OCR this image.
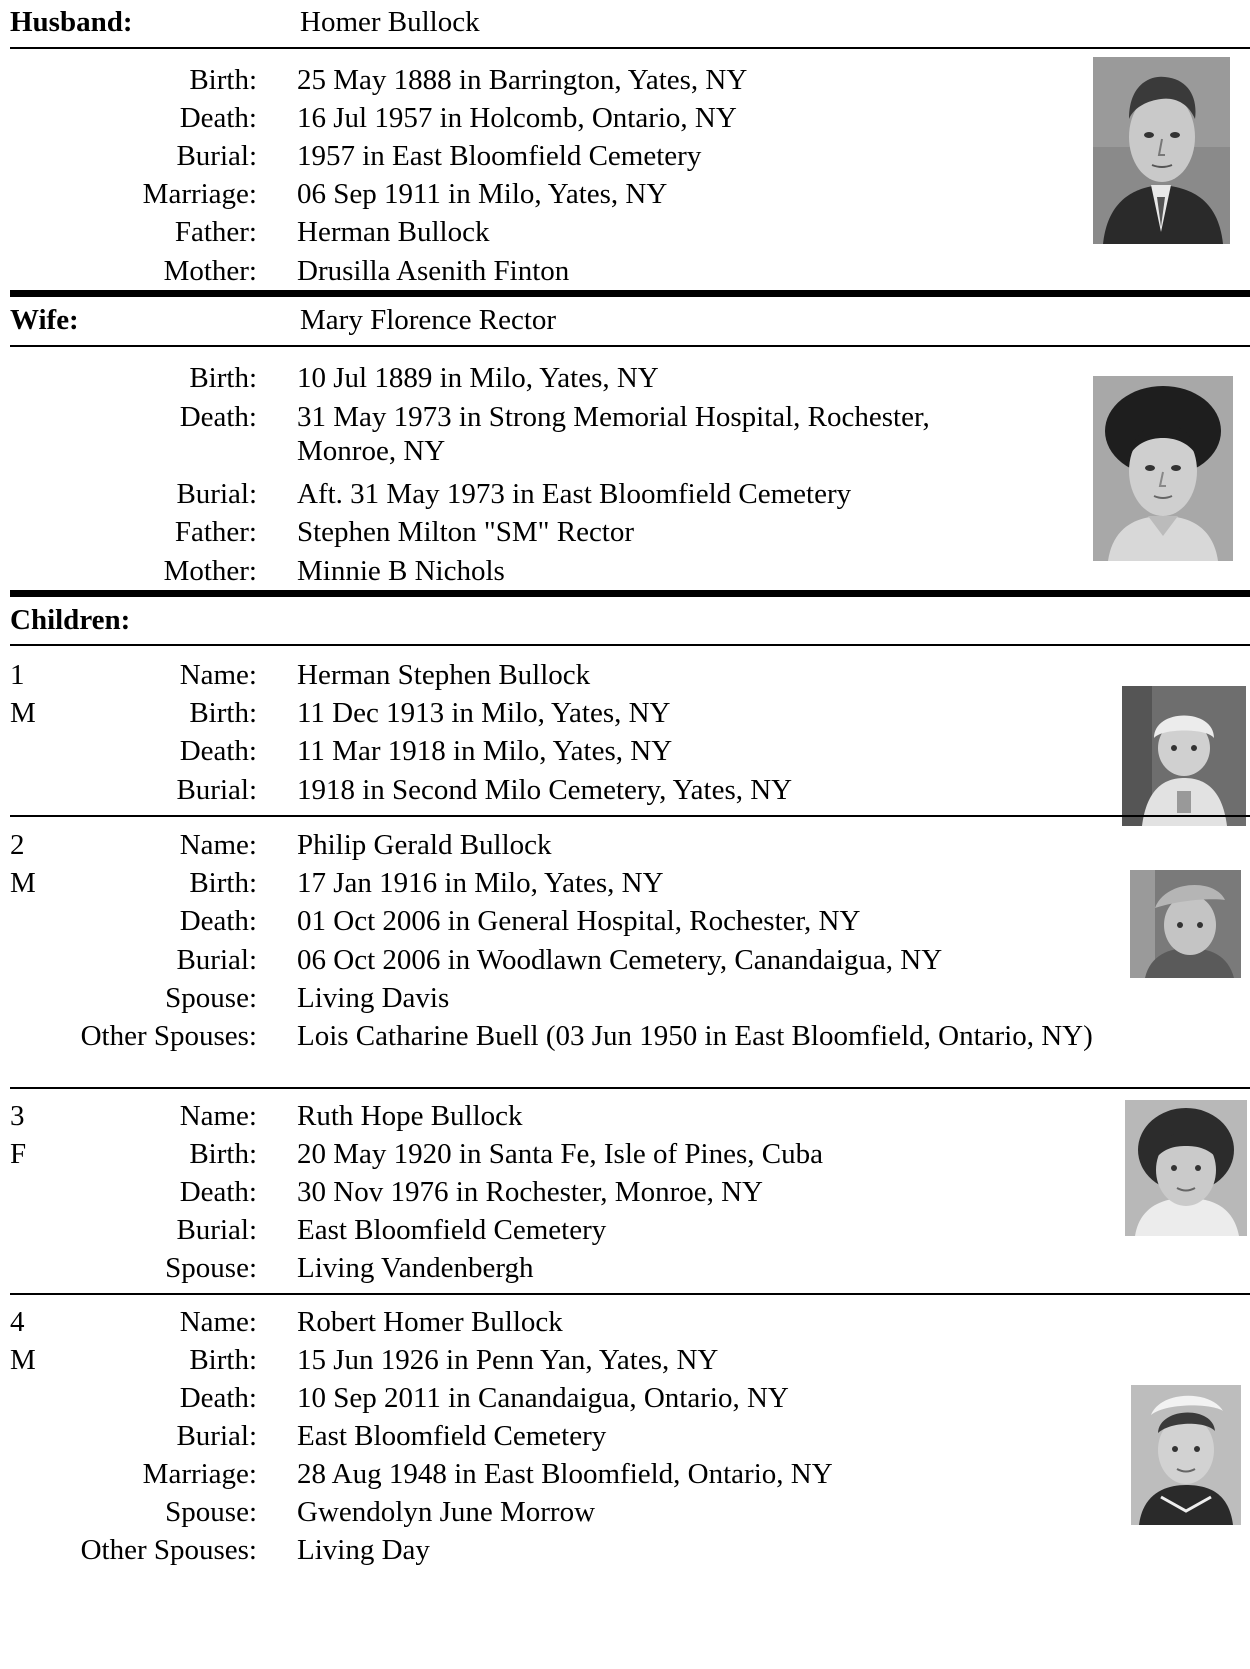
Husband:	Homer Bullock
Birth: 25 May 1888 in Barrington, Yates, NY
Death: 16 Jul 1957 in Holcomb, Ontario, NY
Burial: 1957 in East Bloomfield Cemetery
Marriage: 06 Sep 1911 in Milo, Yates, NY
Father: Herman Bullock
Mother: Drusilla Asenith Finton
Wife:	Mary Florence Rector
Birth: 10 Jul 1889 in Milo, Yates, NY
Death: 31 May 1973 in Strong Memorial Hospital, Rochester, Monroe, NY
Burial: Aft. 31 May 1973 in East Bloomfield Cemetery
Father: Stephen Milton "SM" Rector
Mother: Minnie B Nichols
Children:
1
M
Name: Herman Stephen Bullock
Birth: 11 Dec 1913 in Milo, Yates, NY
Death: 11 Mar 1918 in Milo, Yates, NY
Burial: 1918 in Second Milo Cemetery, Yates, NY
2
M
Name: Philip Gerald Bullock
Birth: 17 Jan 1916 in Milo, Yates, NY
Death: 01 Oct 2006 in General Hospital, Rochester, NY
Burial: 06 Oct 2006 in Woodlawn Cemetery, Canandaigua, NY
Spouse: Living Davis
Other Spouses: Lois Catharine Buell (03 Jun 1950 in East Bloomfield, Ontario, NY)
3
F
Name: Ruth Hope Bullock
Birth: 20 May 1920 in Santa Fe, Isle of Pines, Cuba
Death: 30 Nov 1976 in Rochester, Monroe, NY
Burial: East Bloomfield Cemetery
Spouse: Living Vandenbergh
4
M
Name: Robert Homer Bullock
Birth: 15 Jun 1926 in Penn Yan, Yates, NY
Death: 10 Sep 2011 in Canandaigua, Ontario, NY
Burial: East Bloomfield Cemetery
Marriage: 28 Aug 1948 in East Bloomfield, Ontario, NY
Spouse: Gwendolyn June Morrow
Other Spouses: Living Day
